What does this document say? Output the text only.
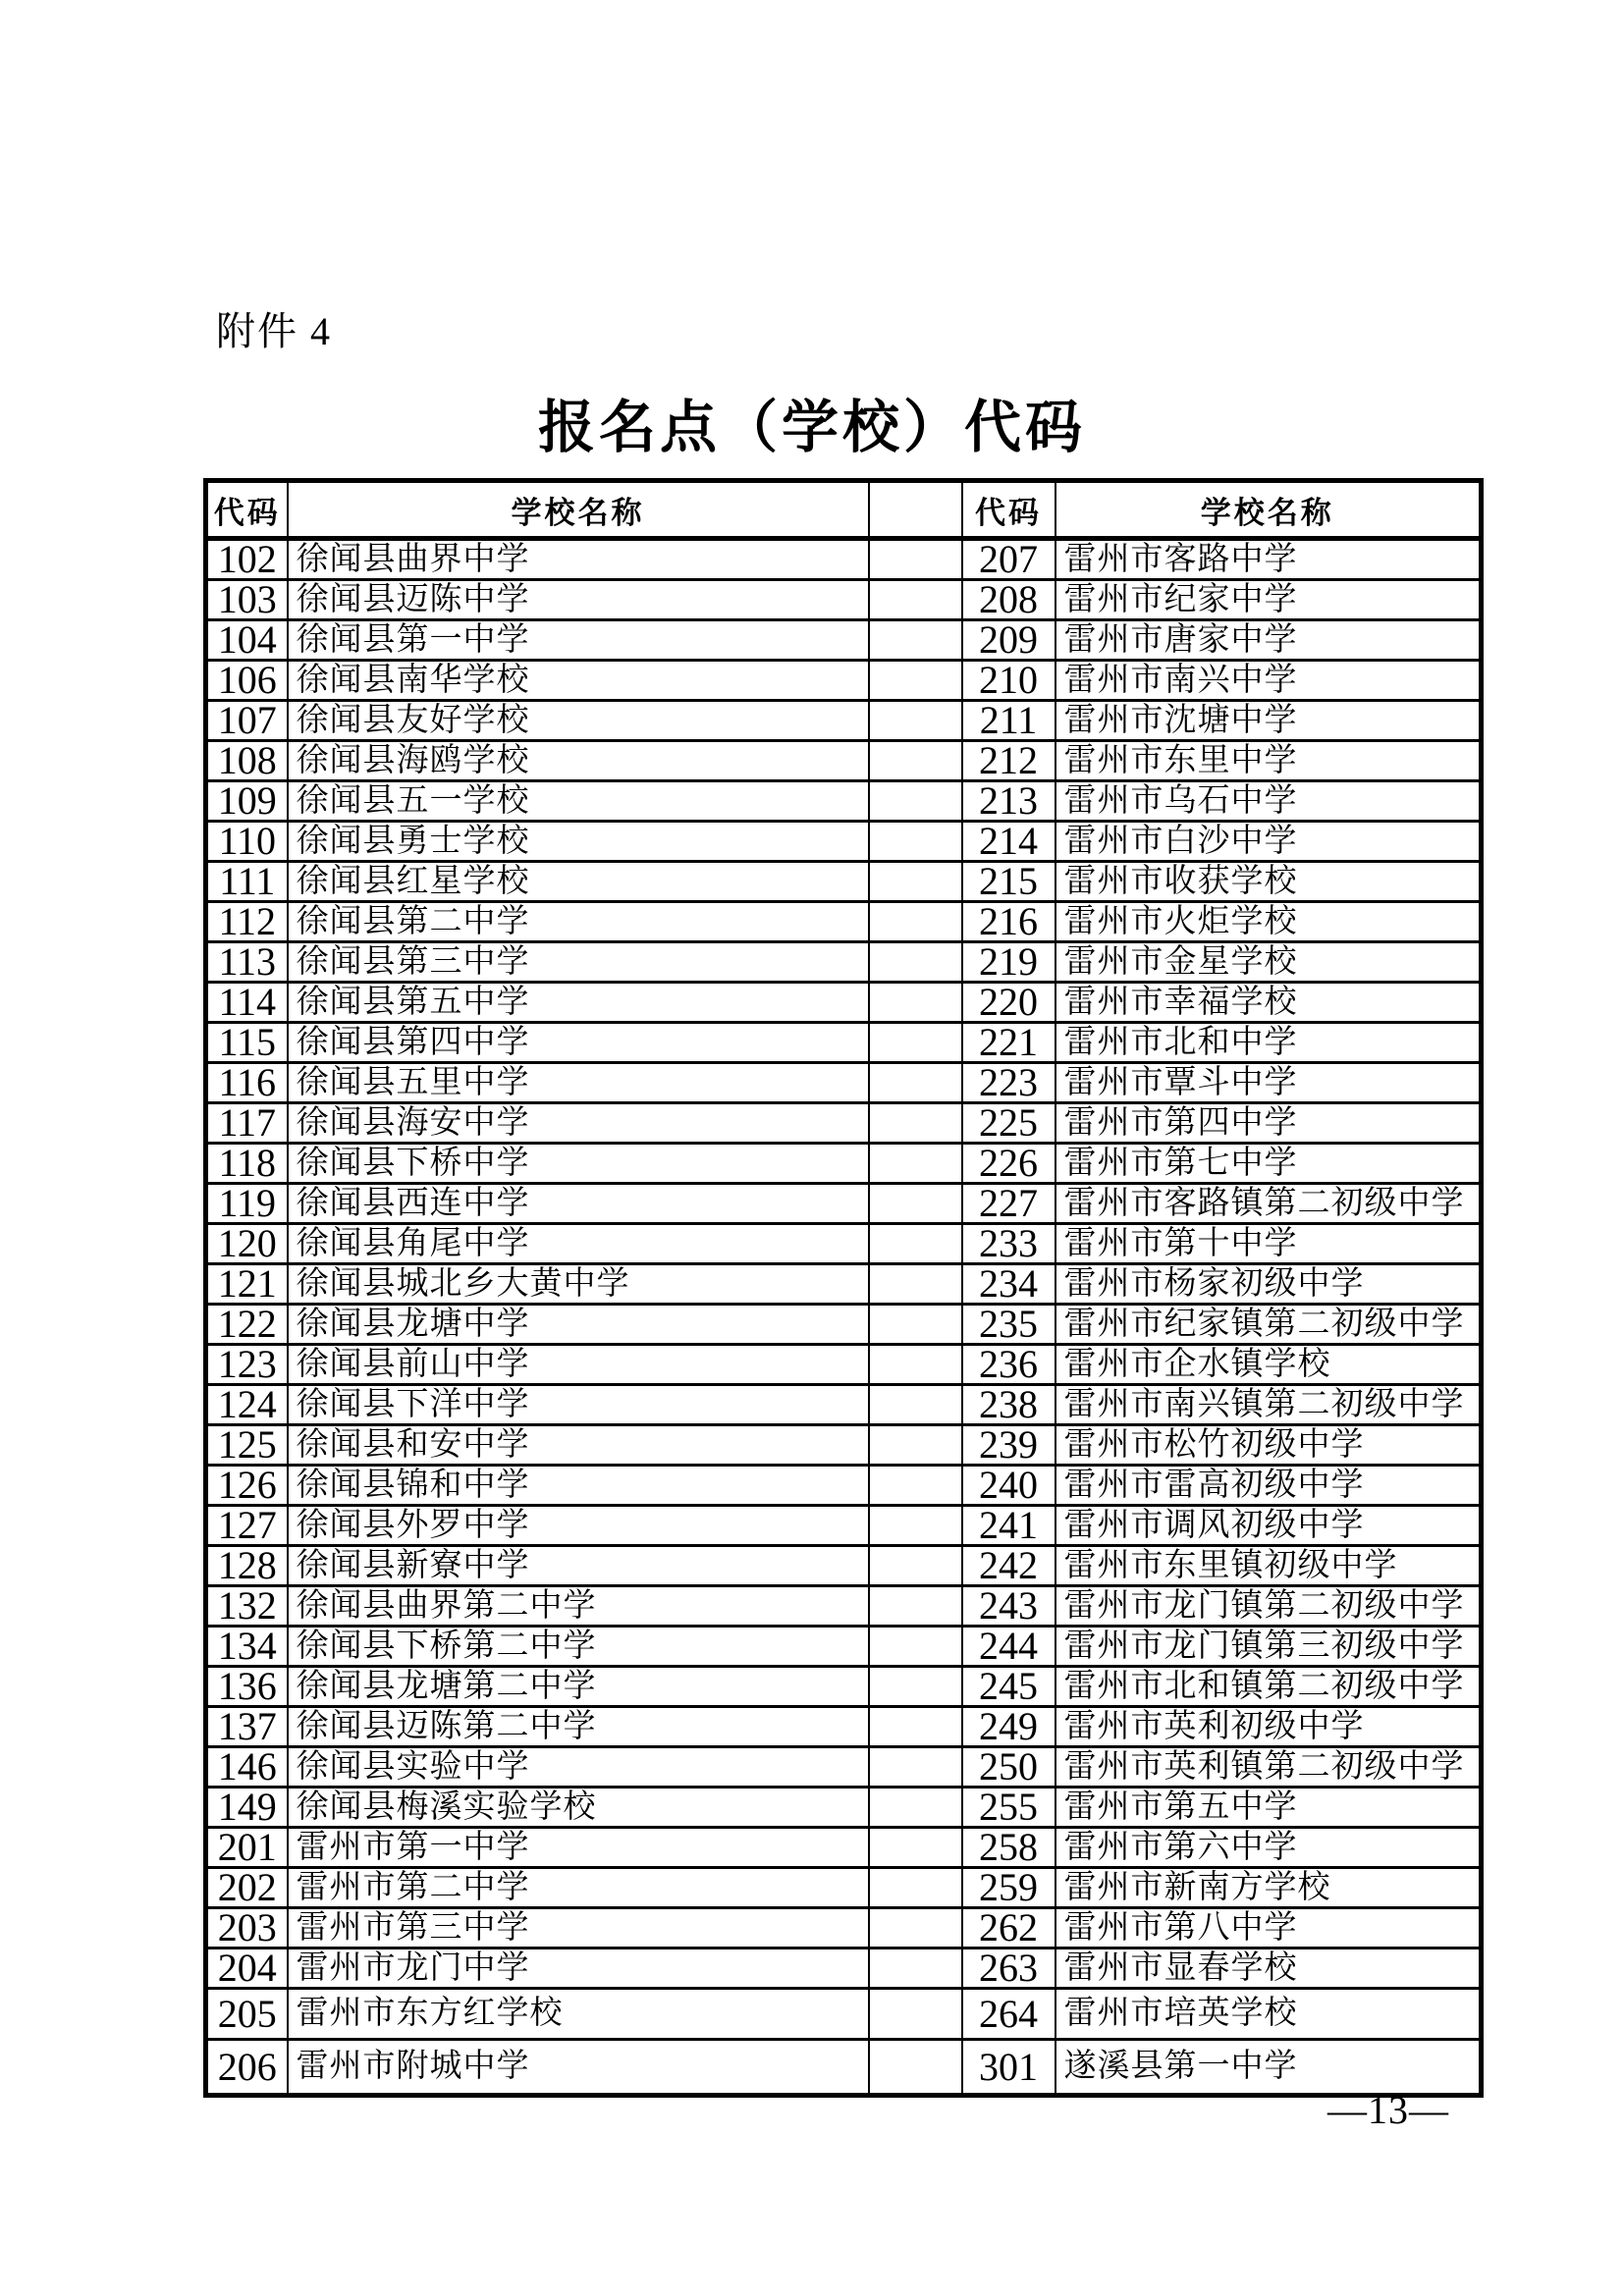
附件 4
报名点（学校）代码
代码	学校名称		代码	学校名称
102	徐闻县曲界中学		207	雷州市客路中学
103	徐闻县迈陈中学		208	雷州市纪家中学
104	徐闻县第一中学		209	雷州市唐家中学
106	徐闻县南华学校		210	雷州市南兴中学
107	徐闻县友好学校		211	雷州市沈塘中学
108	徐闻县海鸥学校		212	雷州市东里中学
109	徐闻县五一学校		213	雷州市乌石中学
110	徐闻县勇士学校		214	雷州市白沙中学
111	徐闻县红星学校		215	雷州市收获学校
112	徐闻县第二中学		216	雷州市火炬学校
113	徐闻县第三中学		219	雷州市金星学校
114	徐闻县第五中学		220	雷州市幸福学校
115	徐闻县第四中学		221	雷州市北和中学
116	徐闻县五里中学		223	雷州市覃斗中学
117	徐闻县海安中学		225	雷州市第四中学
118	徐闻县下桥中学		226	雷州市第七中学
119	徐闻县西连中学		227	雷州市客路镇第二初级中学
120	徐闻县角尾中学		233	雷州市第十中学
121	徐闻县城北乡大黄中学		234	雷州市杨家初级中学
122	徐闻县龙塘中学		235	雷州市纪家镇第二初级中学
123	徐闻县前山中学		236	雷州市企水镇学校
124	徐闻县下洋中学		238	雷州市南兴镇第二初级中学
125	徐闻县和安中学		239	雷州市松竹初级中学
126	徐闻县锦和中学		240	雷州市雷高初级中学
127	徐闻县外罗中学		241	雷州市调风初级中学
128	徐闻县新寮中学		242	雷州市东里镇初级中学
132	徐闻县曲界第二中学		243	雷州市龙门镇第二初级中学
134	徐闻县下桥第二中学		244	雷州市龙门镇第三初级中学
136	徐闻县龙塘第二中学		245	雷州市北和镇第二初级中学
137	徐闻县迈陈第二中学		249	雷州市英利初级中学
146	徐闻县实验中学		250	雷州市英利镇第二初级中学
149	徐闻县梅溪实验学校		255	雷州市第五中学
201	雷州市第一中学		258	雷州市第六中学
202	雷州市第二中学		259	雷州市新南方学校
203	雷州市第三中学		262	雷州市第八中学
204	雷州市龙门中学		263	雷州市显春学校
205	雷州市东方红学校		264	雷州市培英学校
206	雷州市附城中学		301	遂溪县第一中学
—13—
